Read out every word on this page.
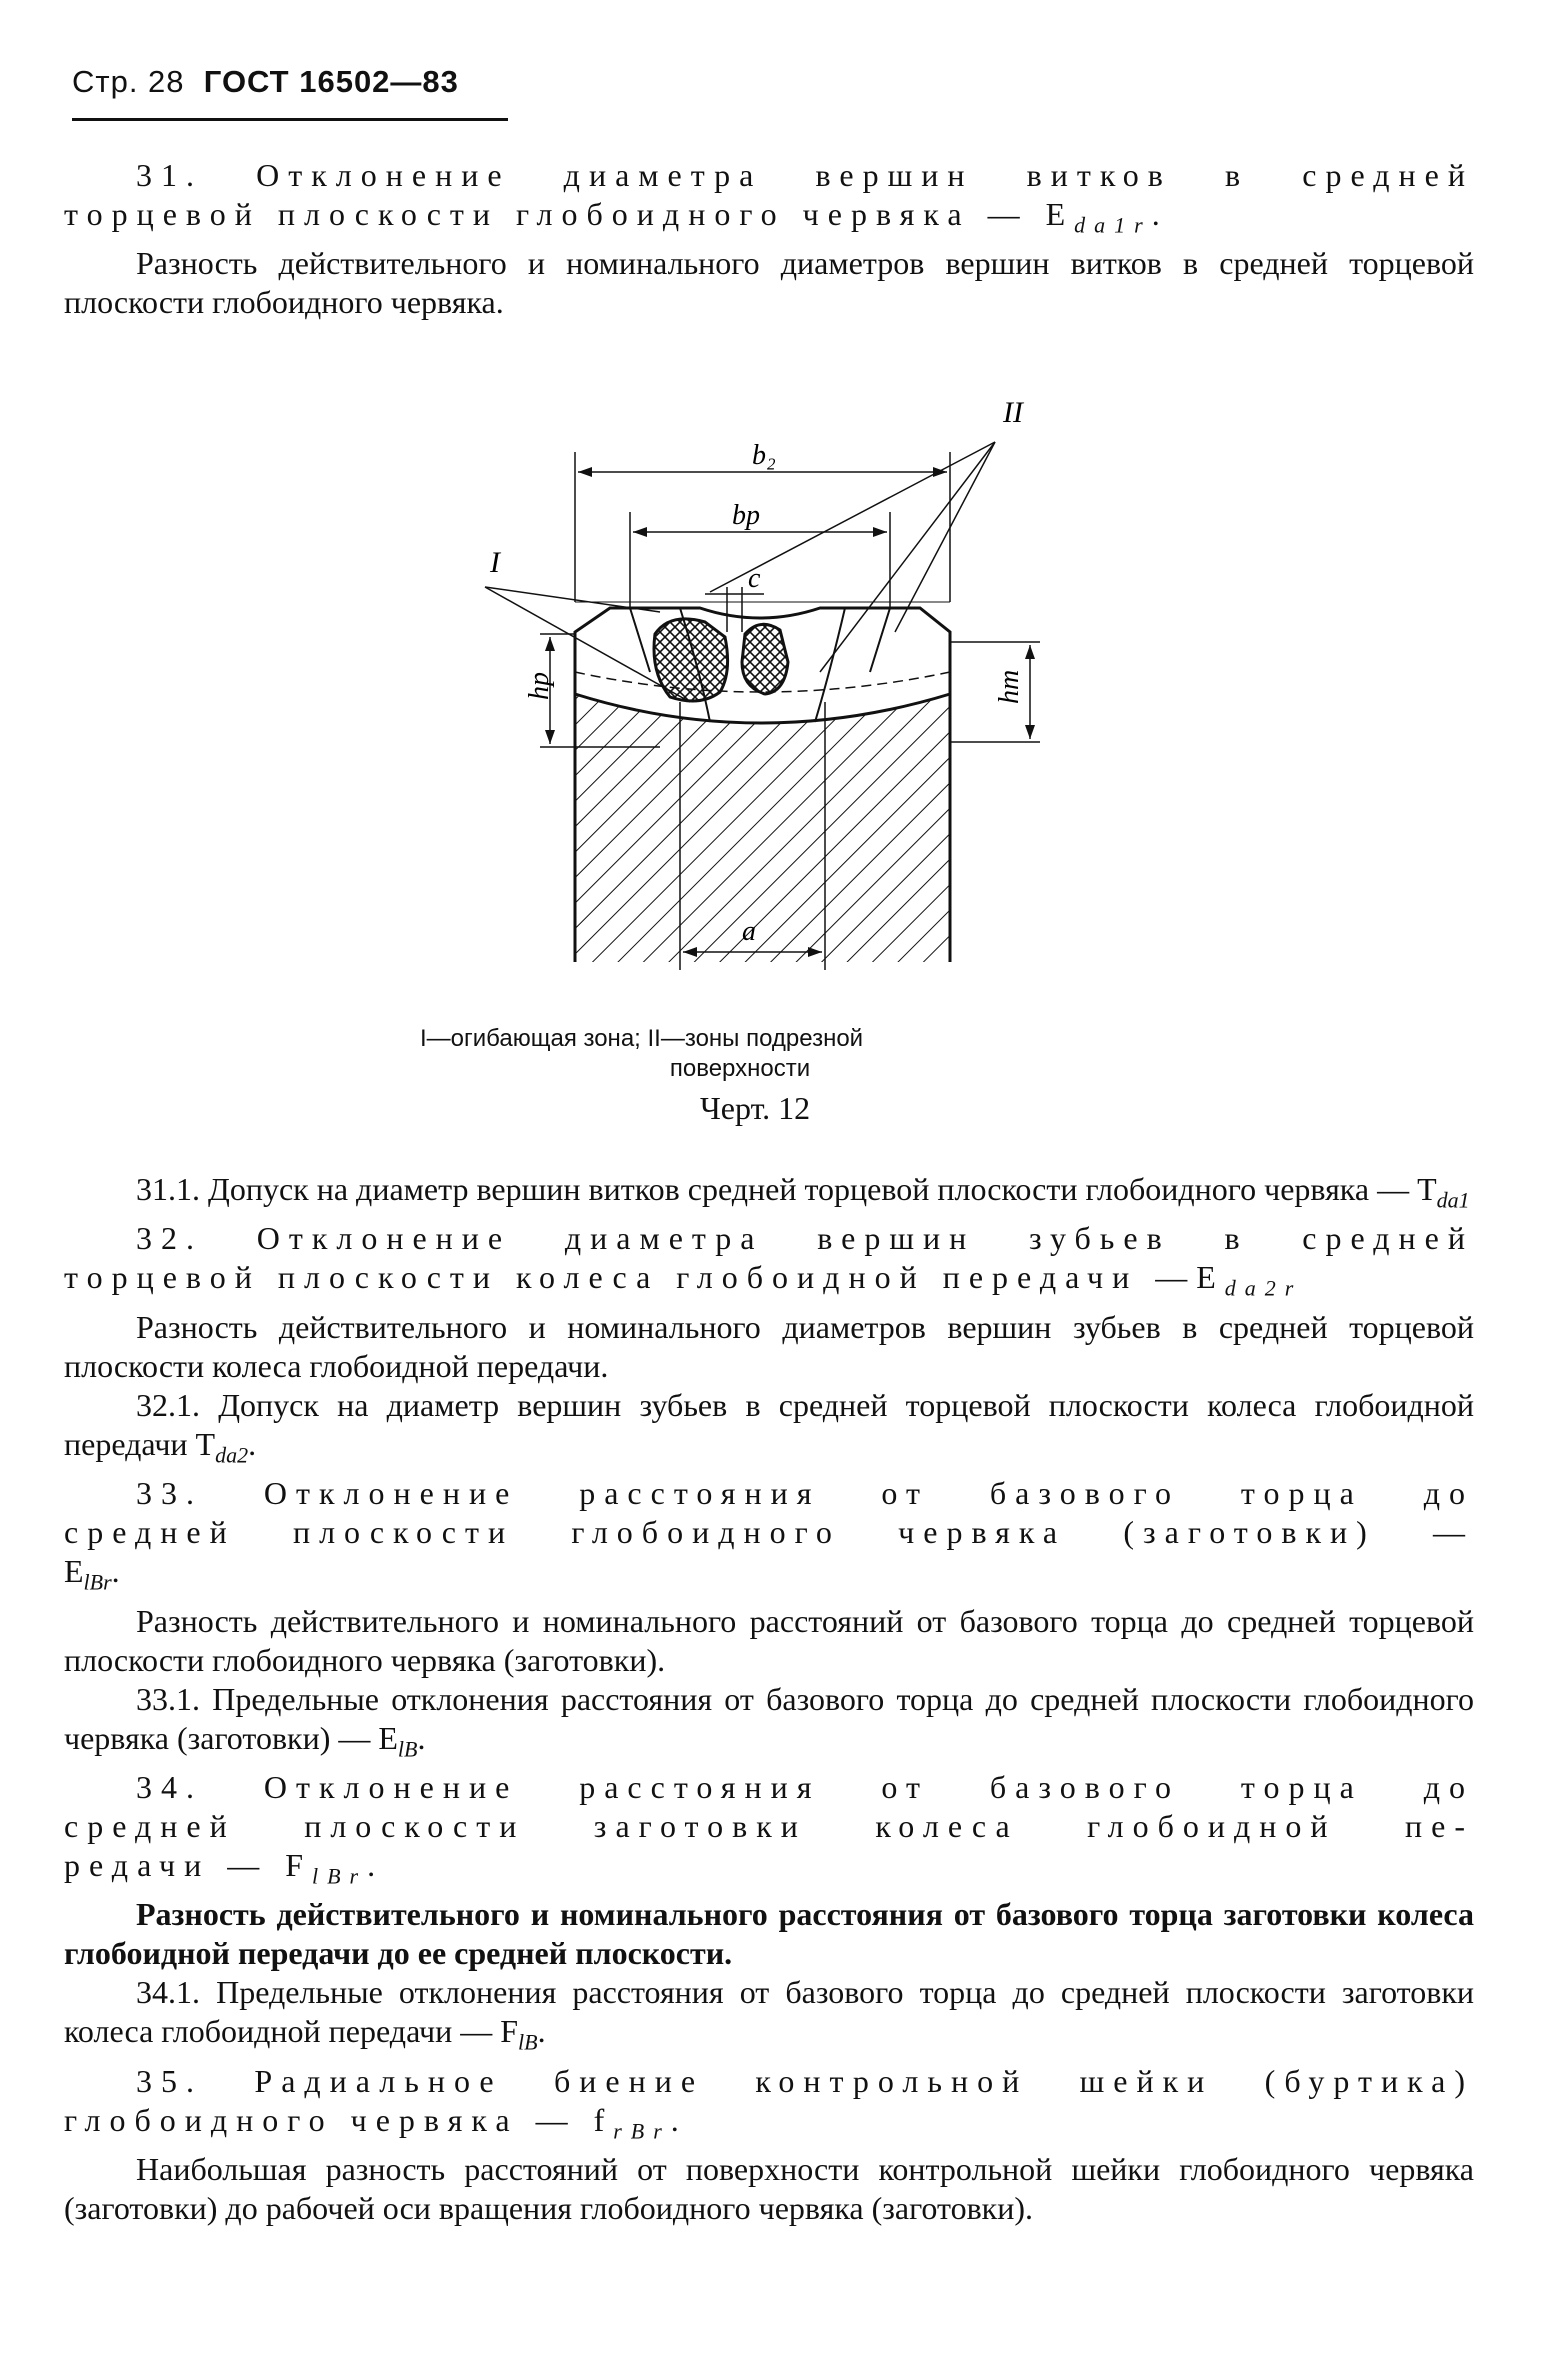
Стр. 28 ГОСТ 16502—83

31. Отклонение диаметра вершин витков в средней

торцевой плоскости глобоидного червяка — $E_{da1r}$.

Разность действительного и номинального диаметров вершин витков в средней торцевой плоскости глобоидного червяка.

b₂
bp
c
hp	hm
a
I
II
I—огибающая зона; II—зоны подрезной
поверхности
Черт. 12

31.1. Допуск на диаметр вершин витков средней торцевой плоскости глобоидного червяка — $T_{da1}$

32. Отклонение диаметра вершин зубьев в средней

торцевой плоскости колеса глобоидной передачи $—E_{da2r}$

Разность действительного и номинального диаметров вершин зубьев в средней торцевой плоскости колеса глобоидной передачи.

32.1. Допуск на диаметр вершин зубьев в средней торцевой плоскости колеса глобоидной передачи $T_{da2}$.

33. Отклонение расстояния от базового торца до

средней плоскости глобоидного червяка (заготовки) —

$E_{lBr}$.

Разность действительного и номинального расстояний от базового торца до средней торцевой плоскости глобоидного червяка (заготовки).

33.1. Предельные отклонения расстояния от базового торца до средней плоскости глобоидного червяка (заготовки) — $E_{lB}$.

34. Отклонение расстояния от базового торца до

средней плоскости заготовки колеса глобоидной пе-

редачи — $F_{lBr}$.

Разность действительного и номинального расстояния от базового торца заготовки колеса глобоидной передачи до ее средней плоскости.

34.1. Предельные отклонения расстояния от базового торца до средней плоскости заготовки колеса глобоидной передачи — $F_{lB}$.

35. Радиальное биение контрольной шейки (буртика)

глобоидного червяка — $f_{rBr}$.

Наибольшая разность расстояний от поверхности контрольной шейки глобоидного червяка (заготовки) до рабочей оси вращения глобоидного червяка (заготовки).
